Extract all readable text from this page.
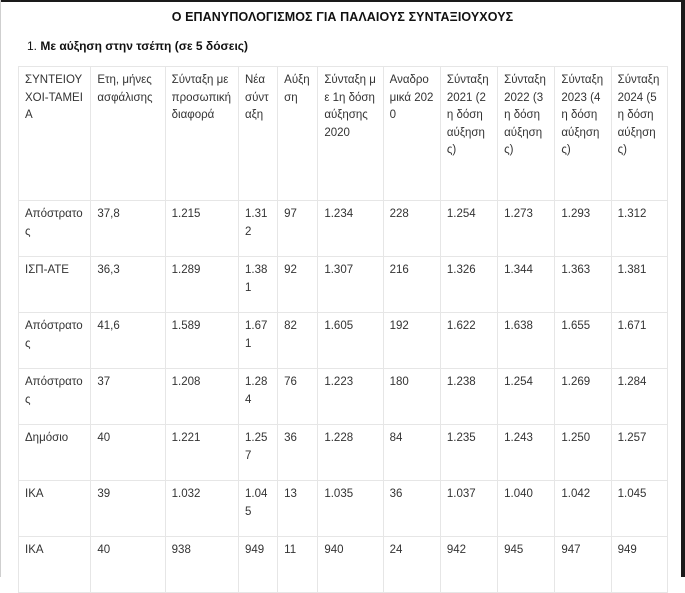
Ο ΕΠΑΝΥΠΟΛΟΓΙΣΜΟΣ ΓΙΑ ΠΑΛΑΙΟΥΣ ΣΥΝΤΑΞΙΟΥΧΟΥΣ
1. Με αύξηση στην τσέπη (σε 5 δόσεις)
ΣΥΝΤΕΙΟΥΧΟΙ-ΤΑΜΕΙΑ	Ετη, μήνες ασφάλισης	Σύνταξη με προσωπική διαφορά	Νέα σύνταξη	Αύξηση	Σύνταξη με 1η δόση αύξησης 2020	Αναδρομικά 2020	Σύνταξη 2021 (2η δόση αύξησης)	Σύνταξη 2022 (3η δόση αύξησης)	Σύνταξη 2023 (4η δόση αύξησης)	Σύνταξη 2024 (5η δόση αύξησης)
Απόστρατος	37,8	1.215	1.312	97	1.234	228	1.254	1.273	1.293	1.312
ΙΣΠ-ΑΤΕ	36,3	1.289	1.381	92	1.307	216	1.326	1.344	1.363	1.381
Απόστρατος	41,6	1.589	1.671	82	1.605	192	1.622	1.638	1.655	1.671
Απόστρατος	37	1.208	1.284	76	1.223	180	1.238	1.254	1.269	1.284
Δημόσιο	40	1.221	1.257	36	1.228	84	1.235	1.243	1.250	1.257
ΙΚΑ	39	1.032	1.045	13	1.035	36	1.037	1.040	1.042	1.045
ΙΚΑ	40	938	949	11	940	24	942	945	947	949
